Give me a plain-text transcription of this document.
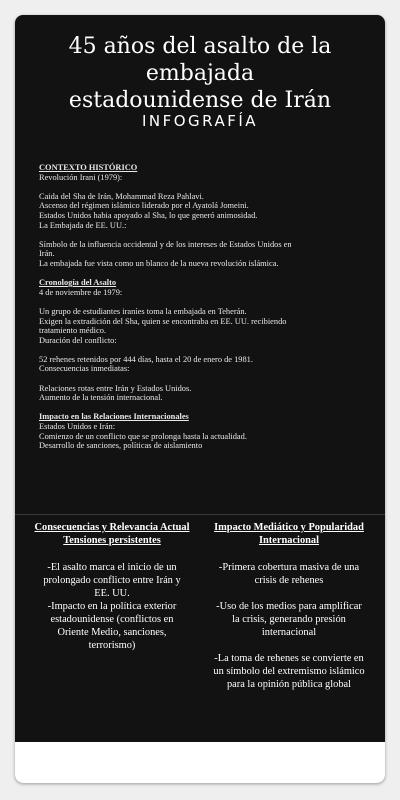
45 años del asalto de la embajada
estadounidense de Irán
INFOGRAFÍA
CONTEXTO HISTÓRICO
Revolución Irani (1979):
Caida del Sha de Irán, Mohammad Reza Pahlavi.
Ascenso del régimen islámico liderado por el Ayatolá Jomeini.
Estados Unidos habia apoyado al Sha, lo que generó animosidad.
La Embajada de EE. UU.:
Símbolo de la influencia occidental y de los intereses de Estados Unidos en
Irán.
La embajada fue vista como un blanco de la nueva revolución islámica.
Cronología del Asalto
4 de noviembre de 1979:
Un grupo de estudiantes iraníes toma la embajada en Teherán.
Exigen la extradición del Sha, quien se encontraba en EE. UU. recibiendo
tratamiento médico.
Duración del conflicto:
52 rehenes retenidos por 444 días, hasta el 20 de enero de 1981.
Consecuencias inmediatas:
Relaciones rotas entre Irán y Estados Unidos.
Aumento de la tensión internacional.
Impacto en las Relaciones Internacionales
Estados Unidos e Irán:
Comienzo de un conflicto que se prolonga hasta la actualidad.
Desarrollo de sanciones, políticas de aislamiento
Consecuencias y Relevancia Actual
Tensiones persistentes
-El asalto marca el inicio de un
prolongado conflicto entre Irán y
EE. UU.
-Impacto en la política exterior
estadounidense (conflictos en
Oriente Medio, sanciones,
terrorismo)
Impacto Mediático y Popularidad
Internacional
-Primera cobertura masiva de una
crisis de rehenes
-Uso de los medios para amplificar
la crisis, generando presión
internacional
-La toma de rehenes se convierte en
un símbolo del extremismo islámico
para la opinión pública global
